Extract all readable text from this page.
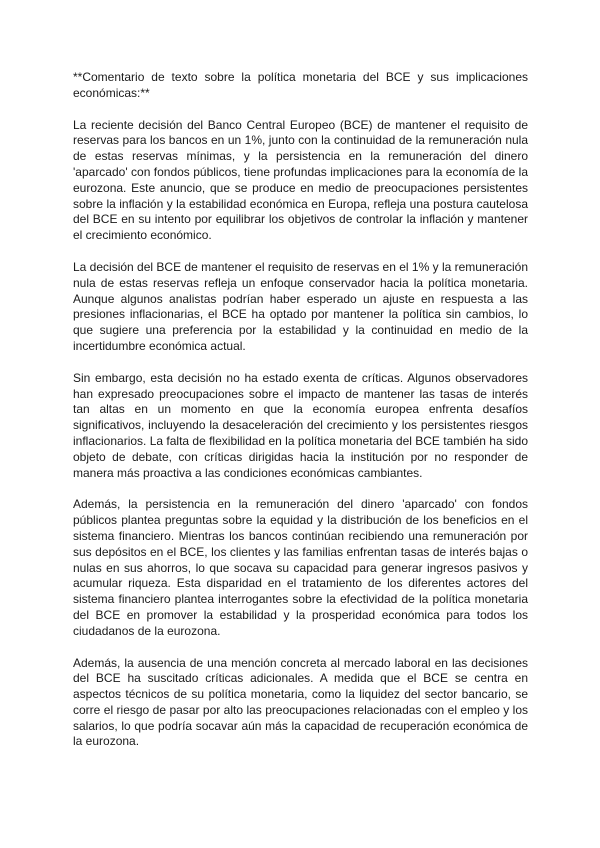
**Comentario de texto sobre la política monetaria del BCE y sus implicaciones económicas:**

La reciente decisión del Banco Central Europeo (BCE) de mantener el requisito de reservas para los bancos en un 1%, junto con la continuidad de la remuneración nula de estas reservas mínimas, y la persistencia en la remuneración del dinero 'aparcado' con fondos públicos, tiene profundas implicaciones para la economía de la eurozona. Este anuncio, que se produce en medio de preocupaciones persistentes sobre la inflación y la estabilidad económica en Europa, refleja una postura cautelosa del BCE en su intento por equilibrar los objetivos de controlar la inflación y mantener el crecimiento económico.

La decisión del BCE de mantener el requisito de reservas en el 1% y la remuneración nula de estas reservas refleja un enfoque conservador hacia la política monetaria. Aunque algunos analistas podrían haber esperado un ajuste en respuesta a las presiones inflacionarias, el BCE ha optado por mantener la política sin cambios, lo que sugiere una preferencia por la estabilidad y la continuidad en medio de la incertidumbre económica actual.

Sin embargo, esta decisión no ha estado exenta de críticas. Algunos observadores han expresado preocupaciones sobre el impacto de mantener las tasas de interés tan altas en un momento en que la economía europea enfrenta desafíos significativos, incluyendo la desaceleración del crecimiento y los persistentes riesgos inflacionarios. La falta de flexibilidad en la política monetaria del BCE también ha sido objeto de debate, con críticas dirigidas hacia la institución por no responder de manera más proactiva a las condiciones económicas cambiantes.

Además, la persistencia en la remuneración del dinero 'aparcado' con fondos públicos plantea preguntas sobre la equidad y la distribución de los beneficios en el sistema financiero. Mientras los bancos continúan recibiendo una remuneración por sus depósitos en el BCE, los clientes y las familias enfrentan tasas de interés bajas o nulas en sus ahorros, lo que socava su capacidad para generar ingresos pasivos y acumular riqueza. Esta disparidad en el tratamiento de los diferentes actores del sistema financiero plantea interrogantes sobre la efectividad de la política monetaria del BCE en promover la estabilidad y la prosperidad económica para todos los ciudadanos de la eurozona.

Además, la ausencia de una mención concreta al mercado laboral en las decisiones del BCE ha suscitado críticas adicionales. A medida que el BCE se centra en aspectos técnicos de su política monetaria, como la liquidez del sector bancario, se corre el riesgo de pasar por alto las preocupaciones relacionadas con el empleo y los salarios, lo que podría socavar aún más la capacidad de recuperación económica de la eurozona.
